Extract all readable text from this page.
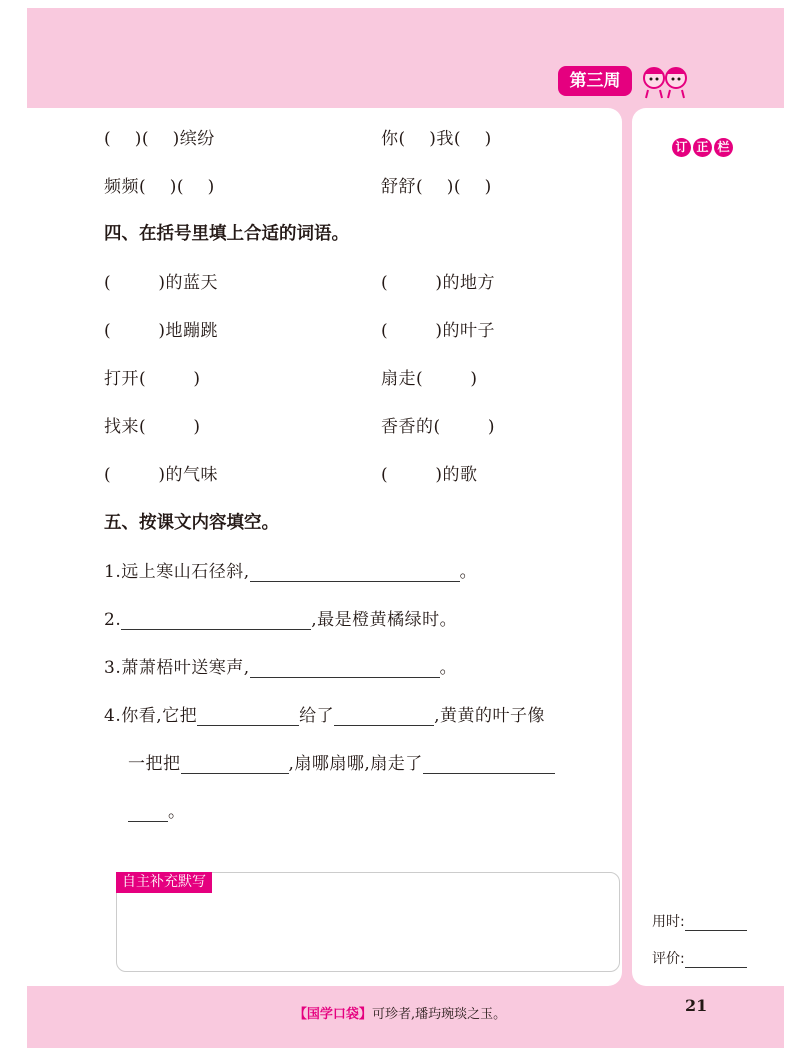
第三周
订 正 栏
(    )(    )缤纷	你(    )我(    )
频频(    )(    )	舒舒(    )(    )
四、在括号里填上合适的词语。
(        )的蓝天	(        )的地方
(        )地蹦跳	(        )的叶子
打开(        )	扇走(        )
找来(        )	香香的(        )
(        )的气味	(        )的歌
五、按课文内容填空。
1.远上寒山石径斜,	。
2.	,最是橙黄橘绿时。
3.萧萧梧叶送寒声,	。
4.你看,它把	给了	,黄黄的叶子像
一把把	,扇哪扇哪,扇走了
。
自主补充默写
用时:
评价:
【国学口袋】可珍者,璠玙琬琰之玉。	21
